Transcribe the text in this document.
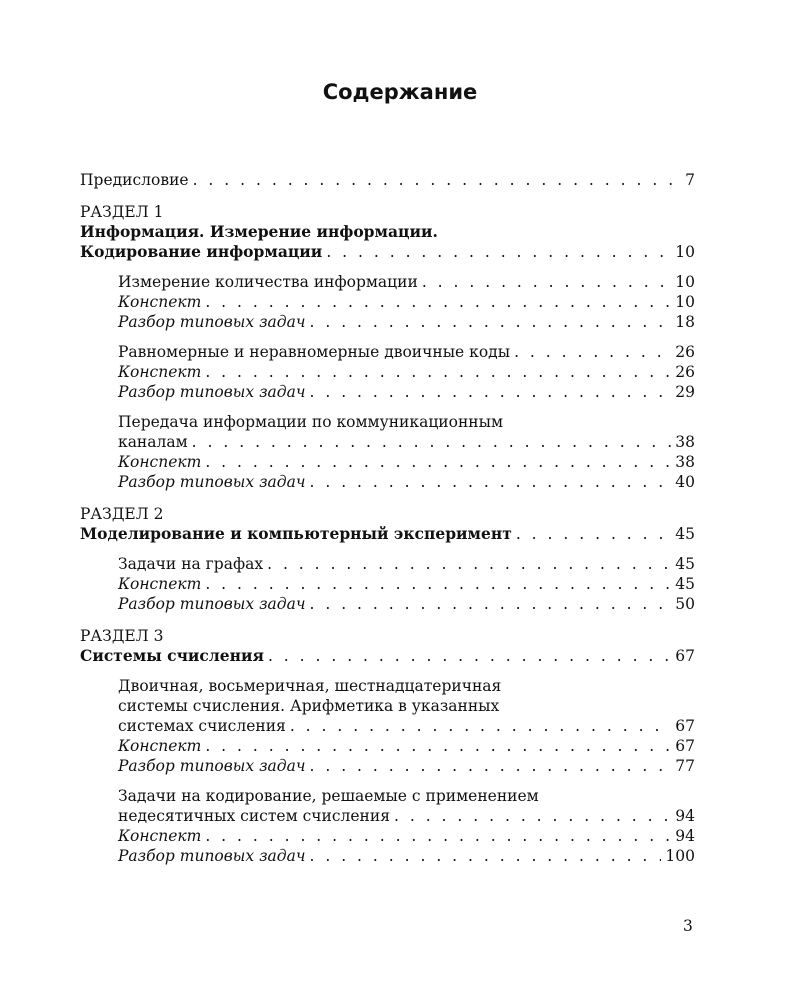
Содержание
Предисловие . . .	7
РАЗДЕЛ 1
Информация. Измерение информации.
Кодирование информации . . .	10
Измерение количества информации . . .	10
Конспект . . .	10
Разбор типовых задач . . .	18
Равномерные и неравномерные двоичные коды . . .	26
Конспект . . .	26
Разбор типовых задач . . .	29
Передача информации по коммуникационным
каналам . . .	38
Конспект . . .	38
Разбор типовых задач . . .	40
РАЗДЕЛ 2
Моделирование и компьютерный эксперимент . . .	45
Задачи на графах . . .	45
Конспект . . .	45
Разбор типовых задач . . .	50
РАЗДЕЛ 3
Системы счисления . . .	67
Двоичная, восьмеричная, шестнадцатеричная
системы счисления. Арифметика в указанных
системах счисления . . .	67
Конспект . . .	67
Разбор типовых задач . . .	77
Задачи на кодирование, решаемые с применением
недесятичных систем счисления . . .	94
Конспект . . .	94
Разбор типовых задач . . .	100
3
